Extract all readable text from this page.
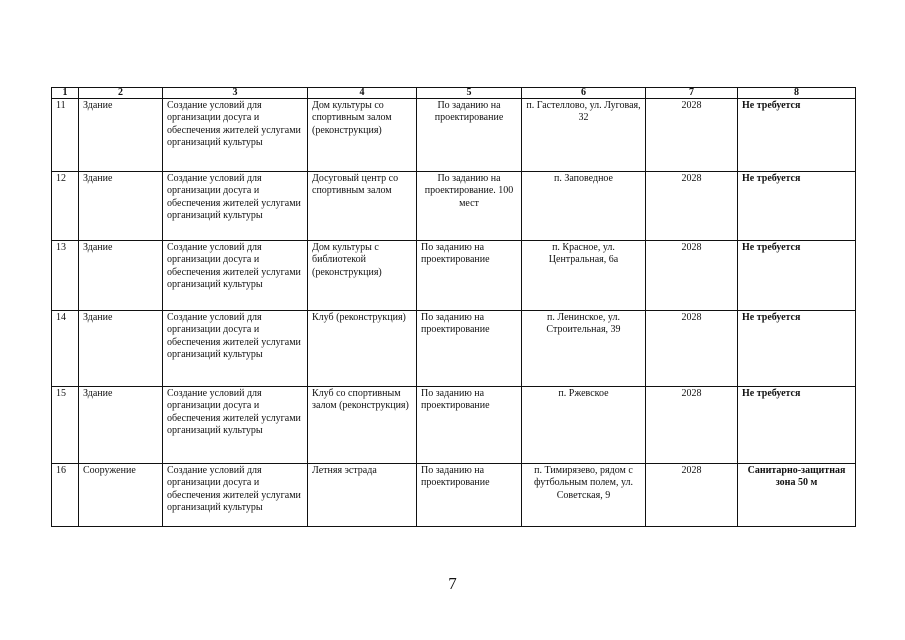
1	2	3	4	5	6	7	8
11	Здание	Создание условий для организации досуга и обеспечения жителей услугами организаций культуры	Дом культуры со спортивным залом (реконструкция)	По заданию на проектирование	п. Гастеллово, ул. Луговая, 32	2028	Не требуется
12	Здание	Создание условий для организации досуга и обеспечения жителей услугами организаций культуры	Досуговый центр со спортивным залом	По заданию на проектирование. 100 мест	п. Заповедное	2028	Не требуется
13	Здание	Создание условий для организации досуга и обеспечения жителей услугами организаций культуры	Дом культуры с библиотекой (реконструкция)	По заданию на проектирование	п. Красное, ул. Центральная, 6а	2028	Не требуется
14	Здание	Создание условий для организации досуга и обеспечения жителей услугами организаций культуры	Клуб (реконструкция)	По заданию на проектирование	п. Ленинское, ул. Строительная, 39	2028	Не требуется
15	Здание	Создание условий для организации досуга и обеспечения жителей услугами организаций культуры	Клуб со спортивным залом (реконструкция)	По заданию на проектирование	п. Ржевское	2028	Не требуется
16	Сооружение	Создание условий для организации досуга и обеспечения жителей услугами организаций культуры	Летняя эстрада	По заданию на проектирование	п. Тимирязево, рядом с футбольным полем, ул. Советская, 9	2028	Санитарно-защитная зона 50 м
7
